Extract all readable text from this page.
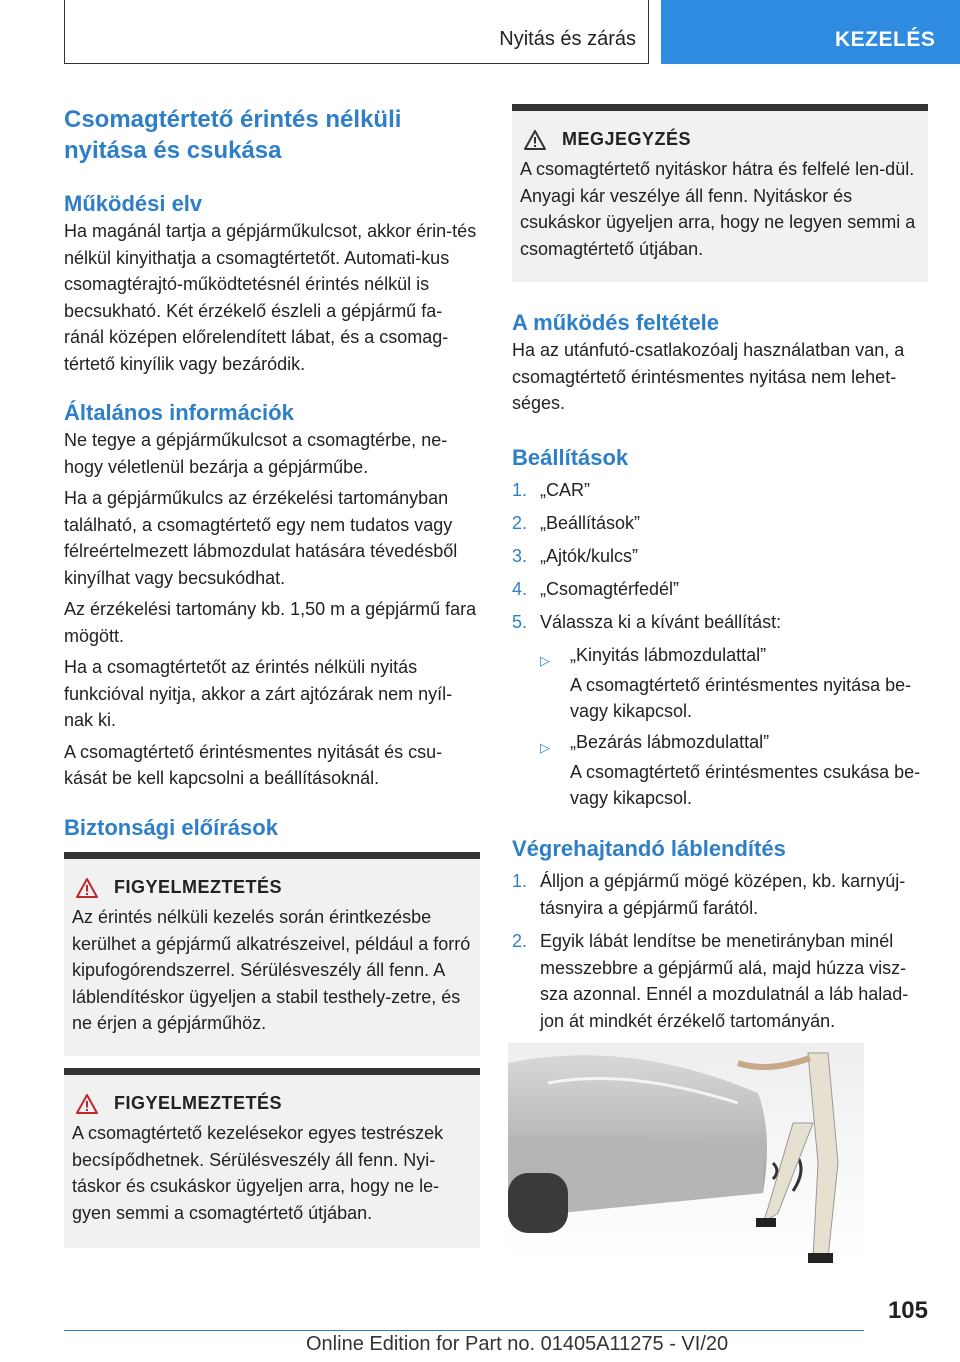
Nyitás és zárás	KEZELÉS
Csomagtértető érintés nélküli nyitása és csukása
Működési elv

Ha magánál tartja a gépjárműkulcsot, akkor érin-tés nélkül kinyithatja a csomagtértetőt. Automati-kus csomagtérajtó-működtetésnél érintés nélkül is becsukható. Két érzékelő észleli a gépjármű fa-ránál középen előrelendített lábat, és a csomag-tértető kinyílik vagy bezáródik.

Általános információk

Ne tegye a gépjárműkulcsot a csomagtérbe, ne-hogy véletlenül bezárja a gépjárműbe.

Ha a gépjárműkulcs az érzékelési tartományban található, a csomagtértető egy nem tudatos vagy félreértelmezett lábmozdulat hatására tévedésből kinyílhat vagy becsukódhat.

Az érzékelési tartomány kb. 1,50 m a gépjármű fara mögött.

Ha a csomagtértetőt az érintés nélküli nyitás funkcióval nyitja, akkor a zárt ajtózárak nem nyíl-nak ki.

A csomagtértető érintésmentes nyitását és csu-kását be kell kapcsolni a beállításoknál.

Biztonsági előírások
FIGYELMEZTETÉS

Az érintés nélküli kezelés során érintkezésbe kerülhet a gépjármű alkatrészeivel, például a forró kipufogórendszerrel. Sérülésveszély áll fenn. A láblendítéskor ügyeljen a stabil testhely-zetre, és ne érjen a gépjárműhöz.

FIGYELMEZTETÉS

A csomagtértető kezelésekor egyes testrészek becsípődhetnek. Sérülésveszély áll fenn. Nyi-táskor és csukáskor ügyeljen arra, hogy ne le-gyen semmi a csomagtértető útjában.

MEGJEGYZÉS

A csomagtértető nyitáskor hátra és felfelé len-dül. Anyagi kár veszélye áll fenn. Nyitáskor és csukáskor ügyeljen arra, hogy ne legyen semmi a csomagtértető útjában.

A működés feltétele

Ha az utánfutó-csatlakozóalj használatban van, a csomagtértető érintésmentes nyitása nem lehet-séges.

Beállítások
1. „CAR”
2. „Beállítások”
3. „Ajtók/kulcs”
4. „Csomagtérfedél”
5. Válassza ki a kívánt beállítást:
▷ „Kinyitás lábmozdulattal”
A csomagtértető érintésmentes nyitása be- vagy kikapcsol.
▷ „Bezárás lábmozdulattal”
A csomagtértető érintésmentes csukása be- vagy kikapcsol.
Végrehajtandó láblendítés
1. Álljon a gépjármű mögé középen, kb. karnyúj-tásnyira a gépjármű farától.
2. Egyik lábát lendítse be menetirányban minél messzebbre a gépjármű alá, majd húzza visz-sza azonnal. Ennél a mozdulatnál a láb halad-jon át mindkét érzékelő tartományán.
105
Online Edition for Part no. 01405A11275 - VI/20
